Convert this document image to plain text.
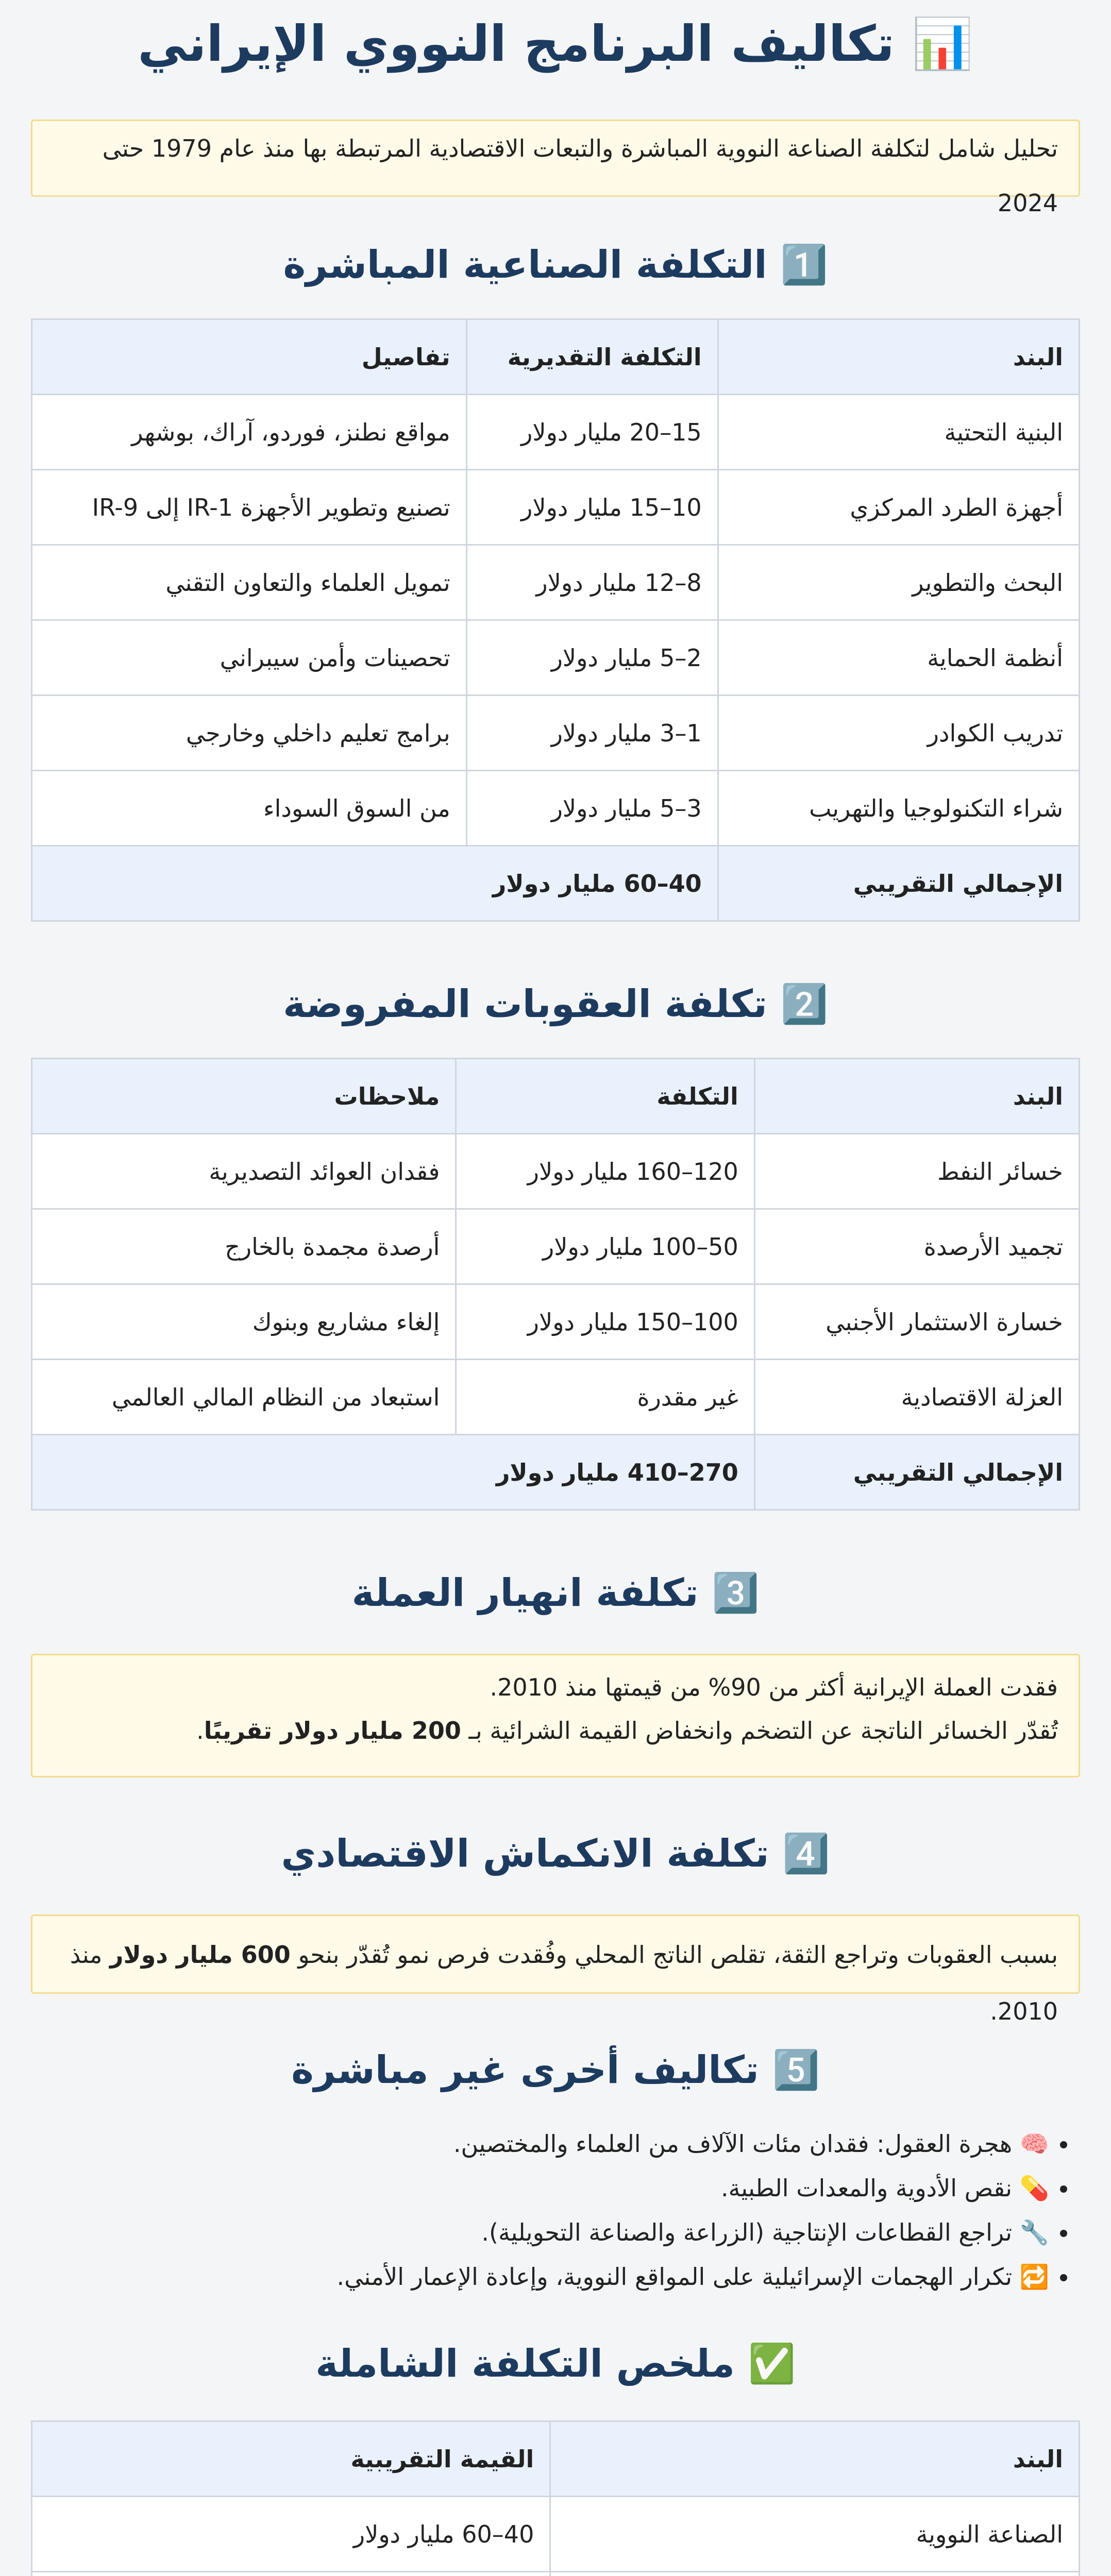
📊 تكاليف البرنامج النووي الإيراني
تحليل شامل لتكلفة الصناعة النووية المباشرة والتبعات الاقتصادية المرتبطة بها منذ عام 1979 حتى 2024
1️⃣ التكلفة الصناعية المباشرة
البند	التكلفة التقديرية	تفاصيل
البنية التحتية	15–20 مليار دولار	مواقع نطنز، فوردو، آراك، بوشهر
أجهزة الطرد المركزي	10–15 مليار دولار	تصنيع وتطوير الأجهزة IR-1 إلى IR-9
البحث والتطوير	8–12 مليار دولار	تمويل العلماء والتعاون التقني
أنظمة الحماية	2–5 مليار دولار	تحصينات وأمن سيبراني
تدريب الكوادر	1–3 مليار دولار	برامج تعليم داخلي وخارجي
شراء التكنولوجيا والتهريب	3–5 مليار دولار	من السوق السوداء
الإجمالي التقريبي	40–60 مليار دولار	
2️⃣ تكلفة العقوبات المفروضة
البند	التكلفة	ملاحظات
خسائر النفط	120–160 مليار دولار	فقدان العوائد التصديرية
تجميد الأرصدة	50–100 مليار دولار	أرصدة مجمدة بالخارج
خسارة الاستثمار الأجنبي	100–150 مليار دولار	إلغاء مشاريع وبنوك
العزلة الاقتصادية	غير مقدرة	استبعاد من النظام المالي العالمي
الإجمالي التقريبي	270–410 مليار دولار	
3️⃣ تكلفة انهيار العملة

فقدت العملة الإيرانية أكثر من 90% من قيمتها منذ 2010.

تُقدّر الخسائر الناتجة عن التضخم وانخفاض القيمة الشرائية بـ 200 مليار دولار تقريبًا.

4️⃣ تكلفة الانكماش الاقتصادي
بسبب العقوبات وتراجع الثقة، تقلص الناتج المحلي وفُقدت فرص نمو تُقدّر بنحو 600 مليار دولار منذ 2010.
5️⃣ تكاليف أخرى غير مباشرة
• 🧠 هجرة العقول: فقدان مئات الآلاف من العلماء والمختصين.
• 💊 نقص الأدوية والمعدات الطبية.
• 🔧 تراجع القطاعات الإنتاجية (الزراعة والصناعة التحويلية).
• 🔁 تكرار الهجمات الإسرائيلية على المواقع النووية، وإعادة الإعمار الأمني.
✅ ملخص التكلفة الشاملة
البند	القيمة التقريبية
الصناعة النووية	40–60 مليار دولار
